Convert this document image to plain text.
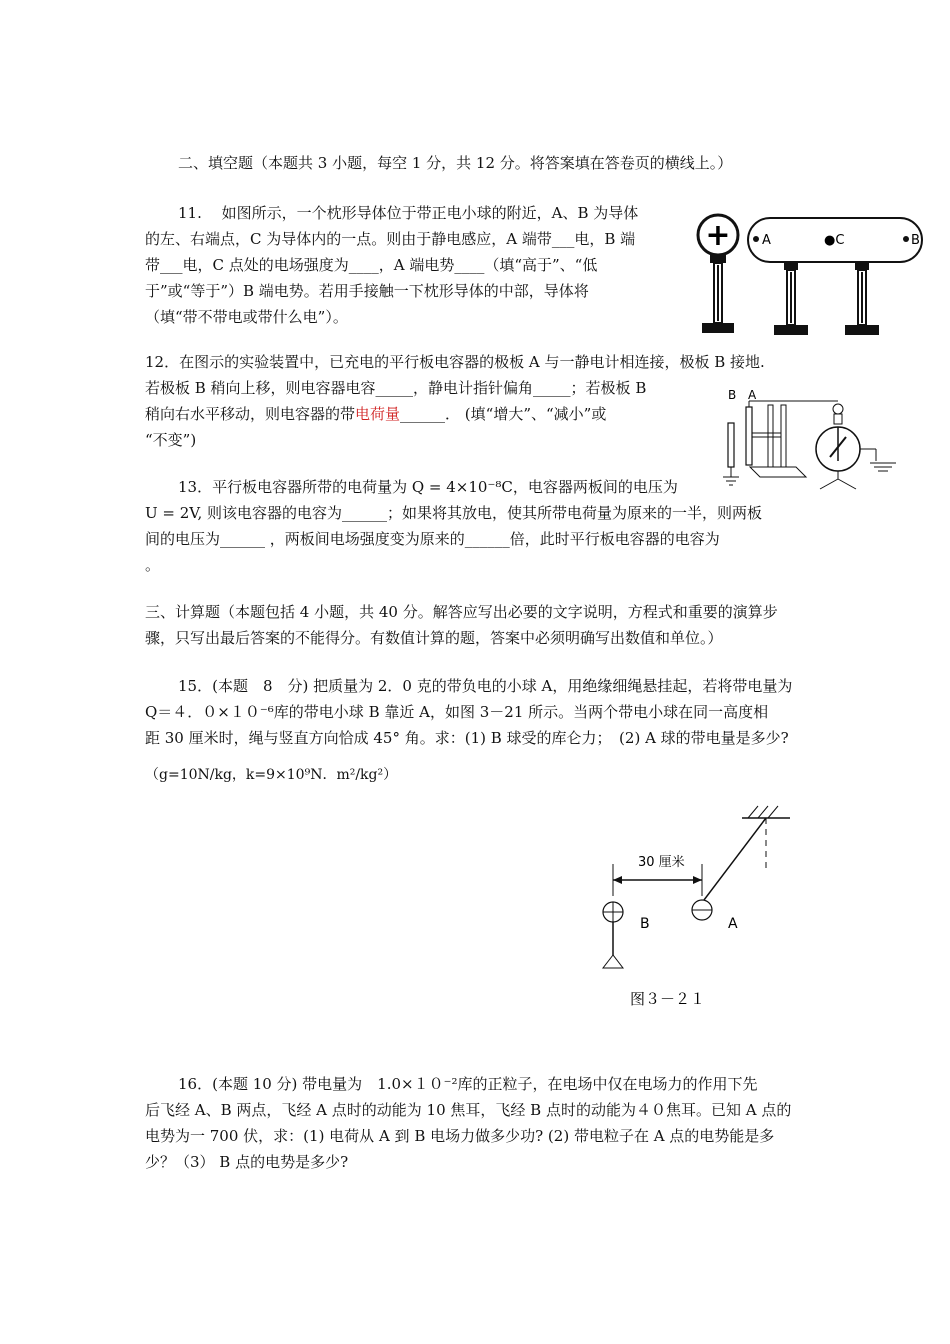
二、填空题（本题共 3 小题，每空 1 分，共 12 分。将答案填在答卷页的横线上。）
11.　 如图所示，一个枕形导体位于带正电小球的附近，A、B 为导体
的左、右端点，C 为导体内的一点。则由于静电感应，A 端带___电，B 端
带___电，C 点处的电场强度为____，A 端电势____（填“高于”、“低
于”或“等于”）B 端电势。若用手接触一下枕形导体的中部，导体将
（填“带不带电或带什么电”）。
+ A	●C	B
12．在图示的实验装置中，已充电的平行板电容器的极板 A 与一静电计相连接，极板 B 接地.
若极板 B 稍向上移，则电容器电容_____，静电计指针偏角_____；若极板 B
稍向右水平移动，则电容器的带电荷量______． (填“增大”、“减小”或
“不变”)
B A
13．平行板电容器所带的电荷量为 Q = 4×10⁻⁸C，电容器两板间的电压为
U = 2V, 则该电容器的电容为______；如果将其放电，使其所带电荷量为原来的一半，则两板
间的电压为______ ，两板间电场强度变为原来的______倍，此时平行板电容器的电容为
。
三、计算题（本题包括 4 小题，共 40 分。解答应写出必要的文字说明，方程式和重要的演算步
骤，只写出最后答案的不能得分。有数值计算的题，答案中必须明确写出数值和单位。）
15．(本题　8　分) 把质量为 2．0 克的带负电的小球 A，用绝缘细绳悬挂起，若将带电量为
Q＝４．０×１０⁻⁶库的带电小球 B 靠近 A，如图 3－21 所示。当两个带电小球在同一高度相
距 30 厘米时，绳与竖直方向恰成 45° 角。求：(1) B 球受的库仑力；　(2) A 球的带电量是多少?
（g=10N/kg，k=9×10⁹N．m²/kg²）
30 厘米
B	A
图３－２１
16．(本题 10 分) 带电量为　1.0×１０⁻²库的正粒子，在电场中仅在电场力的作用下先
后飞经 A、B 两点，飞经 A 点时的动能为 10 焦耳，飞经 B 点时的动能为４０焦耳。已知 A 点的
电势为一 700 伏，求：(1) 电荷从 A 到 B 电场力做多少功? (2) 带电粒子在 A 点的电势能是多
少？（3） B 点的电势是多少?
